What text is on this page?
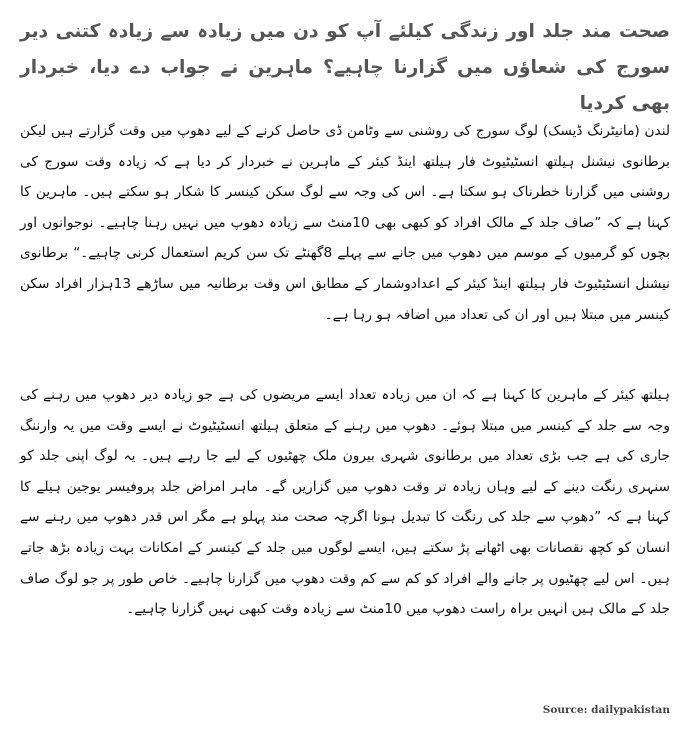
صحت مند جلد اور زندگی کیلئے آپ کو دن میں زیادہ سے زیادہ کتنی دیر سورج کی شعاؤں میں گزارنا چاہیے؟ ماہرین نے جواب دے دیا، خبردار بھی کردیا
لندن (مانیٹرنگ ڈیسک) لوگ سورج کی روشنی سے وٹامن ڈی حاصل کرنے کے لیے دھوپ میں وقت گزارتے ہیں لیکن برطانوی نیشنل ہیلتھ انسٹیٹیوٹ فار ہیلتھ اینڈ کیئر کے ماہرین نے خبردار کر دیا ہے کہ زیادہ وقت سورج کی روشنی میں گزارنا خطرناک ہو سکتا ہے۔ اس کی وجہ سے لوگ سکن کینسر کا شکار ہو سکتے ہیں۔ ماہرین کا کہنا ہے کہ ”صاف جلد کے مالک افراد کو کبھی بھی 10منٹ سے زیادہ دھوپ میں نہیں رہنا چاہیے۔ نوجوانوں اور بچوں کو گرمیوں کے موسم میں دھوپ میں جانے سے پہلے 8گھنٹے تک سن کریم استعمال کرنی چاہیے۔“ برطانوی نیشنل انسٹیٹیوٹ فار ہیلتھ اینڈ کیئر کے اعدادوشمار کے مطابق اس وقت برطانیہ میں ساڑھے 13ہزار افراد سکن کینسر میں مبتلا ہیں اور ان کی تعداد میں اضافہ ہو رہا ہے۔
ہیلتھ کیئر کے ماہرین کا کہنا ہے کہ ان میں زیادہ تعداد ایسے مریضوں کی ہے جو زیادہ دیر دھوپ میں رہنے کی وجہ سے جلد کے کینسر میں مبتلا ہوئے۔ دھوپ میں رہنے کے متعلق ہیلتھ انسٹیٹیوٹ نے ایسے وقت میں یہ وارننگ جاری کی ہے جب بڑی تعداد میں برطانوی شہری بیرون ملک چھٹیوں کے لیے جا رہے ہیں۔ یہ لوگ اپنی جلد کو سنہری رنگت دینے کے لیے وہاں زیادہ تر وقت دھوپ میں گزاریں گے۔ ماہر امراض جلد پروفیسر یوجین ہیلے کا کہنا ہے کہ ”دھوپ سے جلد کی رنگت کا تبدیل ہونا اگرچہ صحت مند پہلو ہے مگر اس قدر دھوپ میں رہنے سے انسان کو کچھ نقصانات بھی اٹھانے پڑ سکتے ہیں، ایسے لوگوں میں جلد کے کینسر کے امکانات بہت زیادہ بڑھ جاتے ہیں۔ اس لیے چھٹیوں پر جانے والے افراد کو کم سے کم وقت دھوپ میں گزارنا چاہیے۔ خاص طور پر جو لوگ صاف جلد کے مالک ہیں انہیں براہ راست دھوپ میں 10منٹ سے زیادہ وقت کبھی نہیں گزارنا چاہیے۔
Source: dailypakistan
